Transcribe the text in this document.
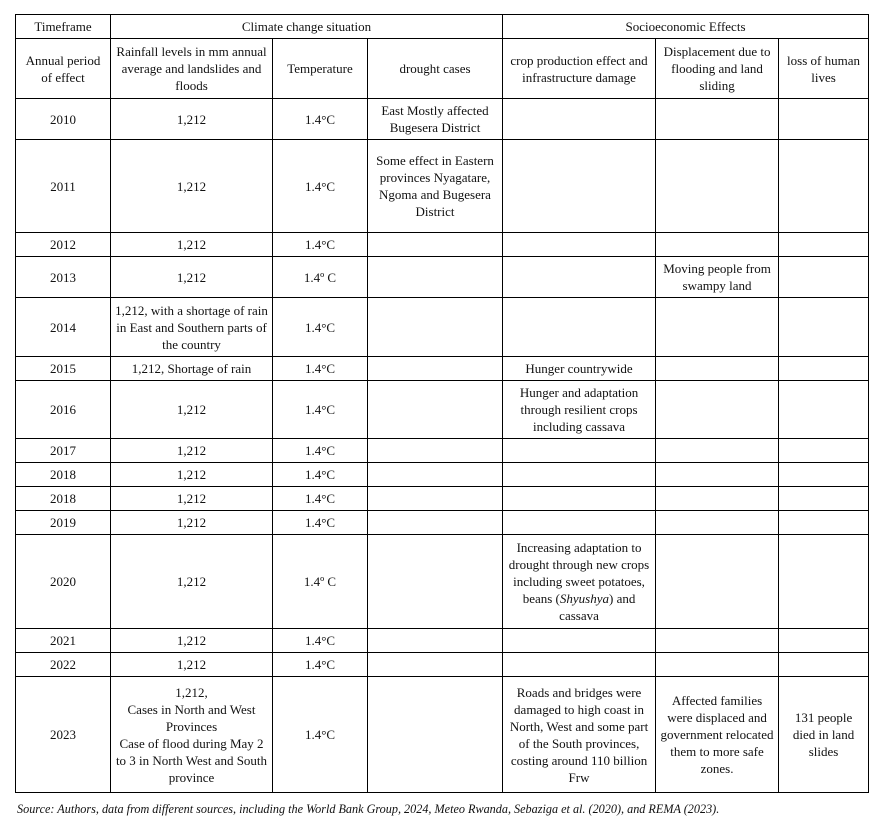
Timeframe	Climate change situation			Socioeconomic Effects		
Annual period of effect	Rainfall levels in mm annual average and landslides and floods	Temperature	drought cases	crop production effect and infrastructure damage	Displacement due to flooding and land sliding	loss of human lives
2010	1,212	1.4°C	East Mostly affected Bugesera District			
2011	1,212	1.4°C	Some effect in Eastern provinces Nyagatare, Ngoma and Bugesera District			
2012	1,212	1.4°C				
2013	1,212	1.4º C			Moving people from swampy land	
2014	1,212, with a shortage of rain in East and Southern parts of the country	1.4°C				
2015	1,212, Shortage of rain	1.4°C		Hunger countrywide		
2016	1,212	1.4°C		Hunger and adaptation through resilient crops including cassava		
2017	1,212	1.4°C				
2018	1,212	1.4°C				
2018	1,212	1.4°C				
2019	1,212	1.4°C				
2020	1,212	1.4º C		Increasing adaptation to drought through new crops including sweet potatoes, beans (Shyushya) and cassava		
2021	1,212	1.4°C				
2022	1,212	1.4°C				
2023	1,212,
Cases in North and West Provinces
Case of flood during May 2 to 3 in North West and South province	1.4°C		Roads and bridges were damaged to high coast in North, West and some part of the South provinces, costing around 110 billion Frw	Affected families were displaced and government relocated them to more safe zones.	131 people died in land slides
Source: Authors, data from different sources, including the World Bank Group, 2024, Meteo Rwanda, Sebaziga et al. (2020), and REMA (2023).
